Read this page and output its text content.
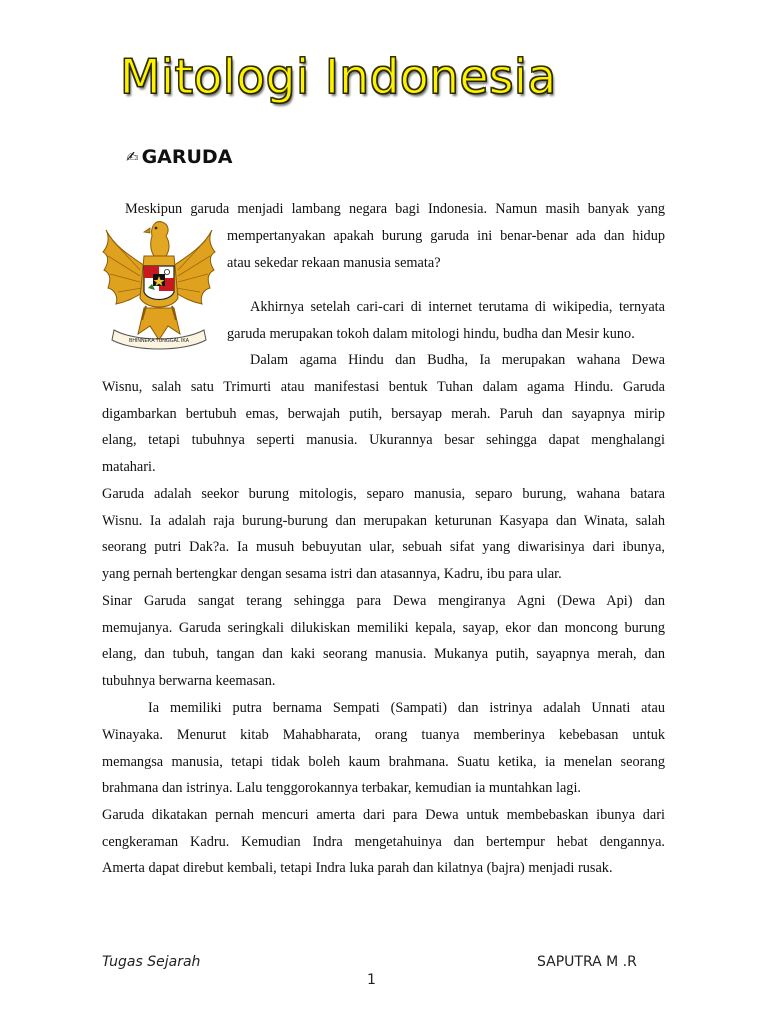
Mitologi Indonesia
✍ GARUDA
BHINNEKA TUNGGAL IKA
Meskipun garuda menjadi lambang negara bagi Indonesia. Namun masih banyak yang
mempertanyakan apakah burung garuda ini benar-benar ada dan hidup
atau sekedar rekaan manusia semata?
Akhirnya setelah cari-cari di internet terutama di wikipedia, ternyata
garuda merupakan tokoh dalam mitologi hindu, budha dan Mesir kuno.
Dalam agama Hindu dan Budha, Ia merupakan wahana Dewa
Wisnu, salah satu Trimurti atau manifestasi bentuk Tuhan dalam agama Hindu. Garuda
digambarkan bertubuh emas, berwajah putih, bersayap merah. Paruh dan sayapnya mirip
elang, tetapi tubuhnya seperti manusia. Ukurannya besar sehingga dapat menghalangi
matahari.
Garuda adalah seekor burung mitologis, separo manusia, separo burung, wahana batara
Wisnu. Ia adalah raja burung-burung dan merupakan keturunan Kasyapa dan Winata, salah
seorang putri Dak?a. Ia musuh bebuyutan ular, sebuah sifat yang diwarisinya dari ibunya,
yang pernah bertengkar dengan sesama istri dan atasannya, Kadru, ibu para ular.
Sinar Garuda sangat terang sehingga para Dewa mengiranya Agni (Dewa Api) dan
memujanya. Garuda seringkali dilukiskan memiliki kepala, sayap, ekor dan moncong burung
elang, dan tubuh, tangan dan kaki seorang manusia. Mukanya putih, sayapnya merah, dan
tubuhnya berwarna keemasan.
Ia memiliki putra bernama Sempati (Sampati) dan istrinya adalah Unnati atau
Winayaka. Menurut kitab Mahabharata, orang tuanya memberinya kebebasan untuk
memangsa manusia, tetapi tidak boleh kaum brahmana. Suatu ketika, ia menelan seorang
brahmana dan istrinya. Lalu tenggorokannya terbakar, kemudian ia muntahkan lagi.
Garuda dikatakan pernah mencuri amerta dari para Dewa untuk membebaskan ibunya dari
cengkeraman Kadru. Kemudian Indra mengetahuinya dan bertempur hebat dengannya.
Amerta dapat direbut kembali, tetapi Indra luka parah dan kilatnya (bajra) menjadi rusak.
Tugas Sejarah	SAPUTRA M .R
1
